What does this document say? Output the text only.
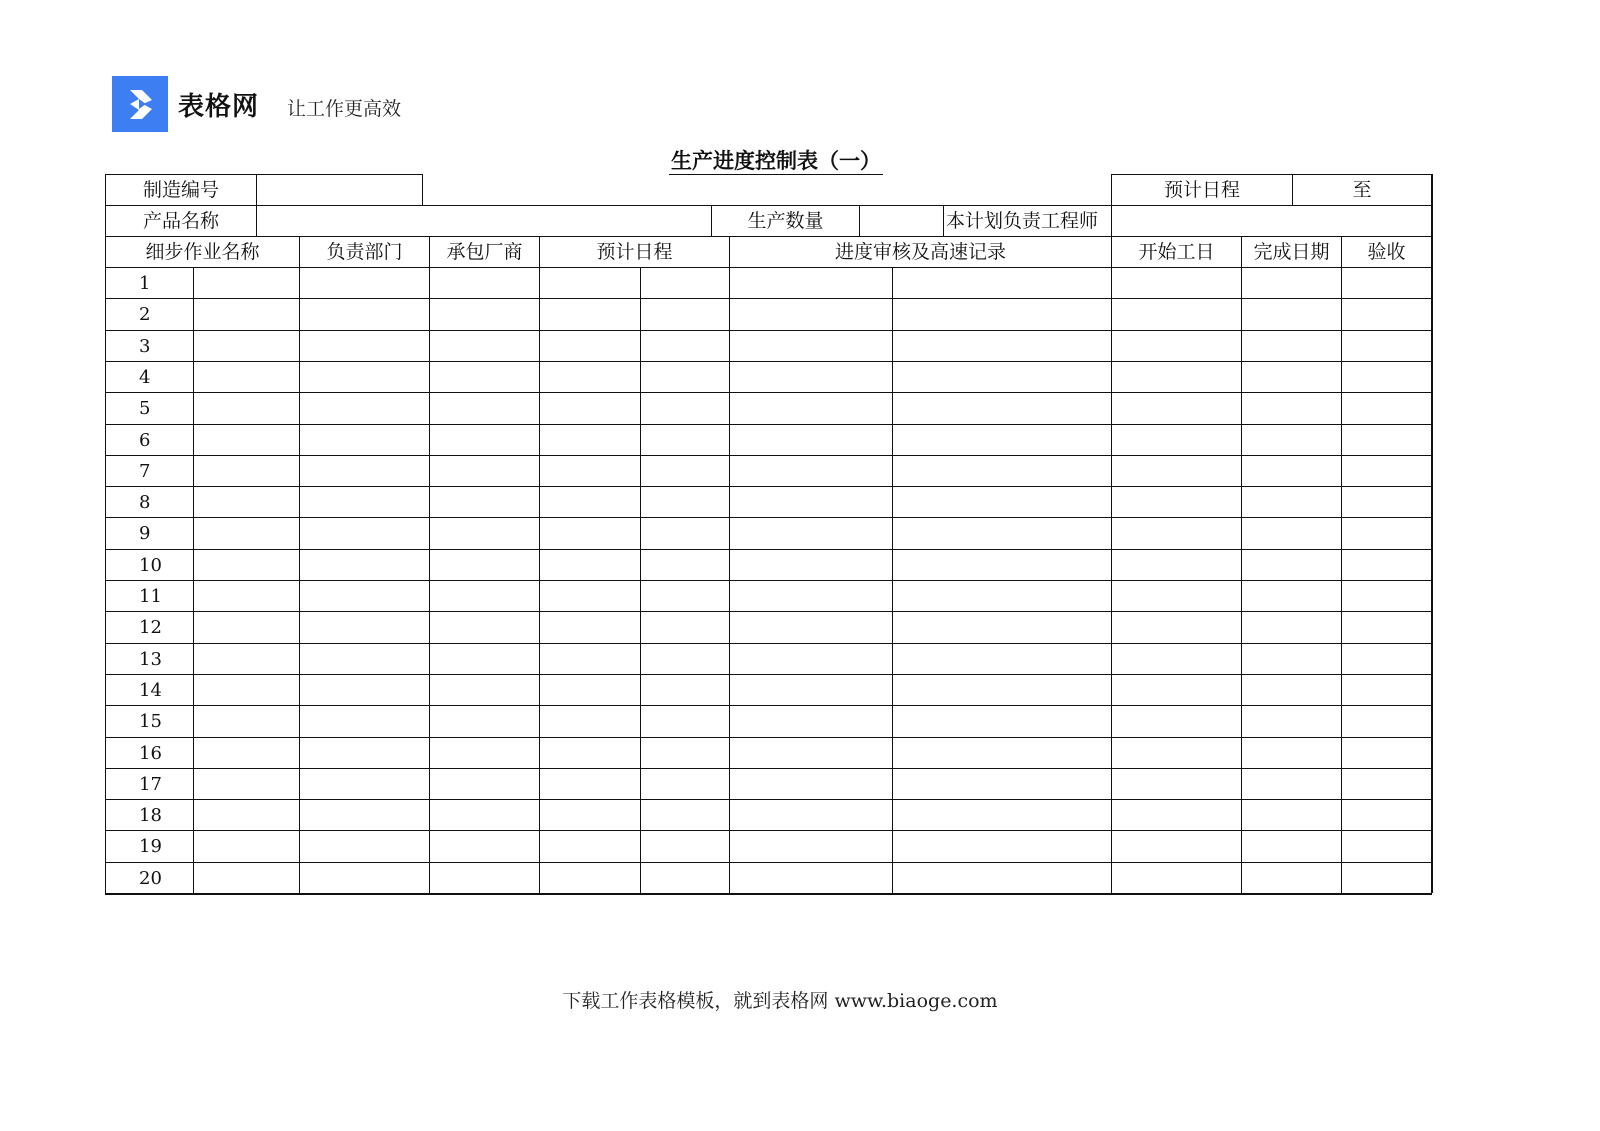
表格网 让工作更高效
生产进度控制表（一）
制造编号	预计日程	至
产品名称	生产数量	本计划负责工程师
细步作业名称	负责部门	承包厂商	预计日程	进度审核及高速记录	开始工日	完成日期	验收
1
2
3
4
5
6
7
8
9
10
11
12
13
14
15
16
17
18
19
20
下载工作表格模板，就到表格网 www.biaoge.com
